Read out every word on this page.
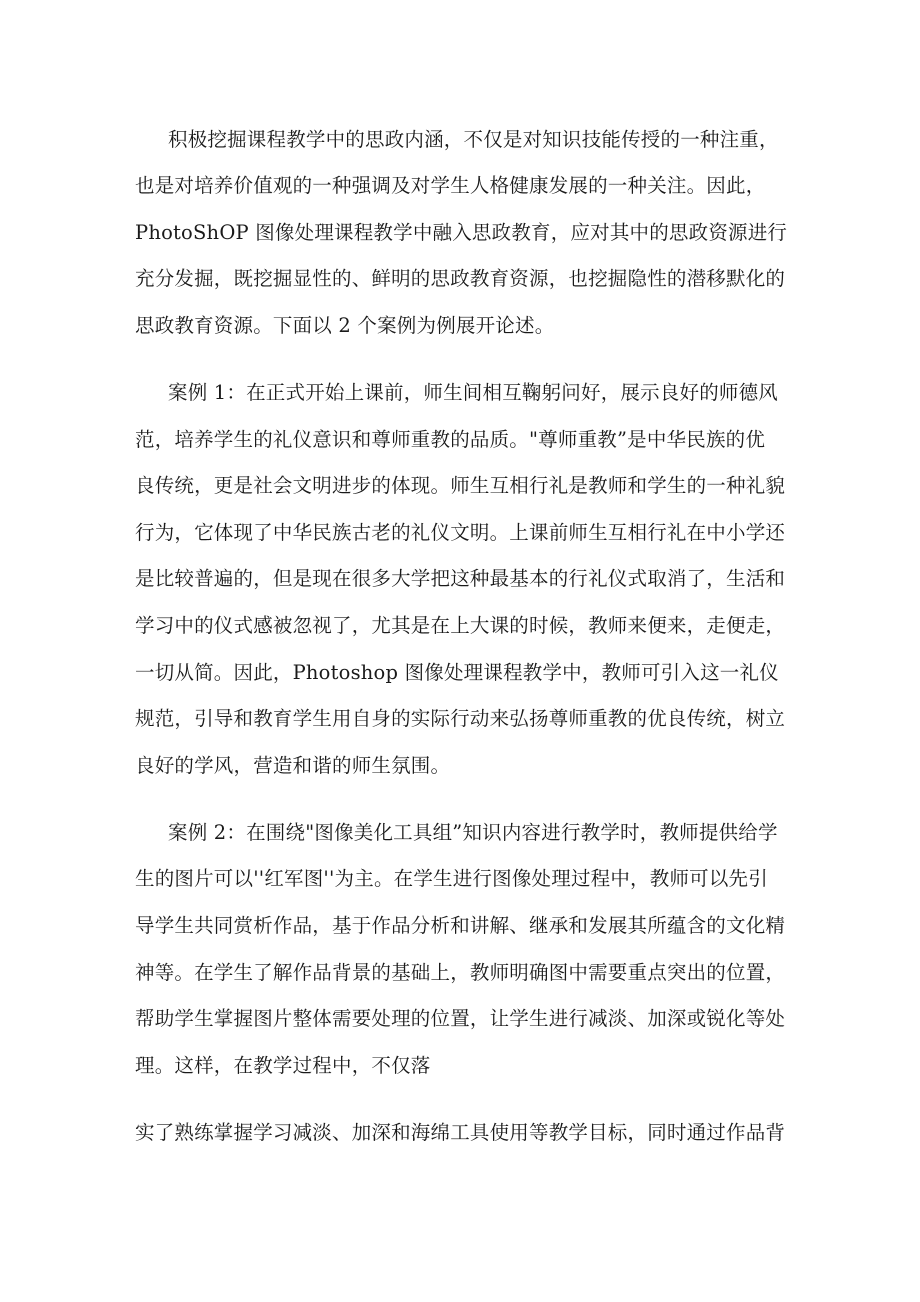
积极挖掘课程教学中的思政内涵，不仅是对知识技能传授的一种注重，
也是对培养价值观的一种强调及对学生人格健康发展的一种关注。因此，
PhotoShOP 图像处理课程教学中融入思政教育，应对其中的思政资源进行
充分发掘，既挖掘显性的、鲜明的思政教育资源，也挖掘隐性的潜移默化的
思政教育资源。下面以 2 个案例为例展开论述。
案例 1：在正式开始上课前，师生间相互鞠躬问好，展示良好的师德风
范，培养学生的礼仪意识和尊师重教的品质。"尊师重教”是中华民族的优
良传统，更是社会文明进步的体现。师生互相行礼是教师和学生的一种礼貌
行为，它体现了中华民族古老的礼仪文明。上课前师生互相行礼在中小学还
是比较普遍的，但是现在很多大学把这种最基本的行礼仪式取消了，生活和
学习中的仪式感被忽视了，尤其是在上大课的时候，教师来便来，走便走，
一切从简。因此，Photoshop 图像处理课程教学中，教师可引入这一礼仪
规范，引导和教育学生用自身的实际行动来弘扬尊师重教的优良传统，树立
良好的学风，营造和谐的师生氛围。
案例 2：在围绕"图像美化工具组”知识内容进行教学时，教师提供给学
生的图片可以''红军图''为主。在学生进行图像处理过程中，教师可以先引
导学生共同赏析作品，基于作品分析和讲解、继承和发展其所蕴含的文化精
神等。在学生了解作品背景的基础上，教师明确图中需要重点突出的位置，
帮助学生掌握图片整体需要处理的位置，让学生进行减淡、加深或锐化等处
理。这样，在教学过程中，不仅落
实了熟练掌握学习减淡、加深和海绵工具使用等教学目标，同时通过作品背
